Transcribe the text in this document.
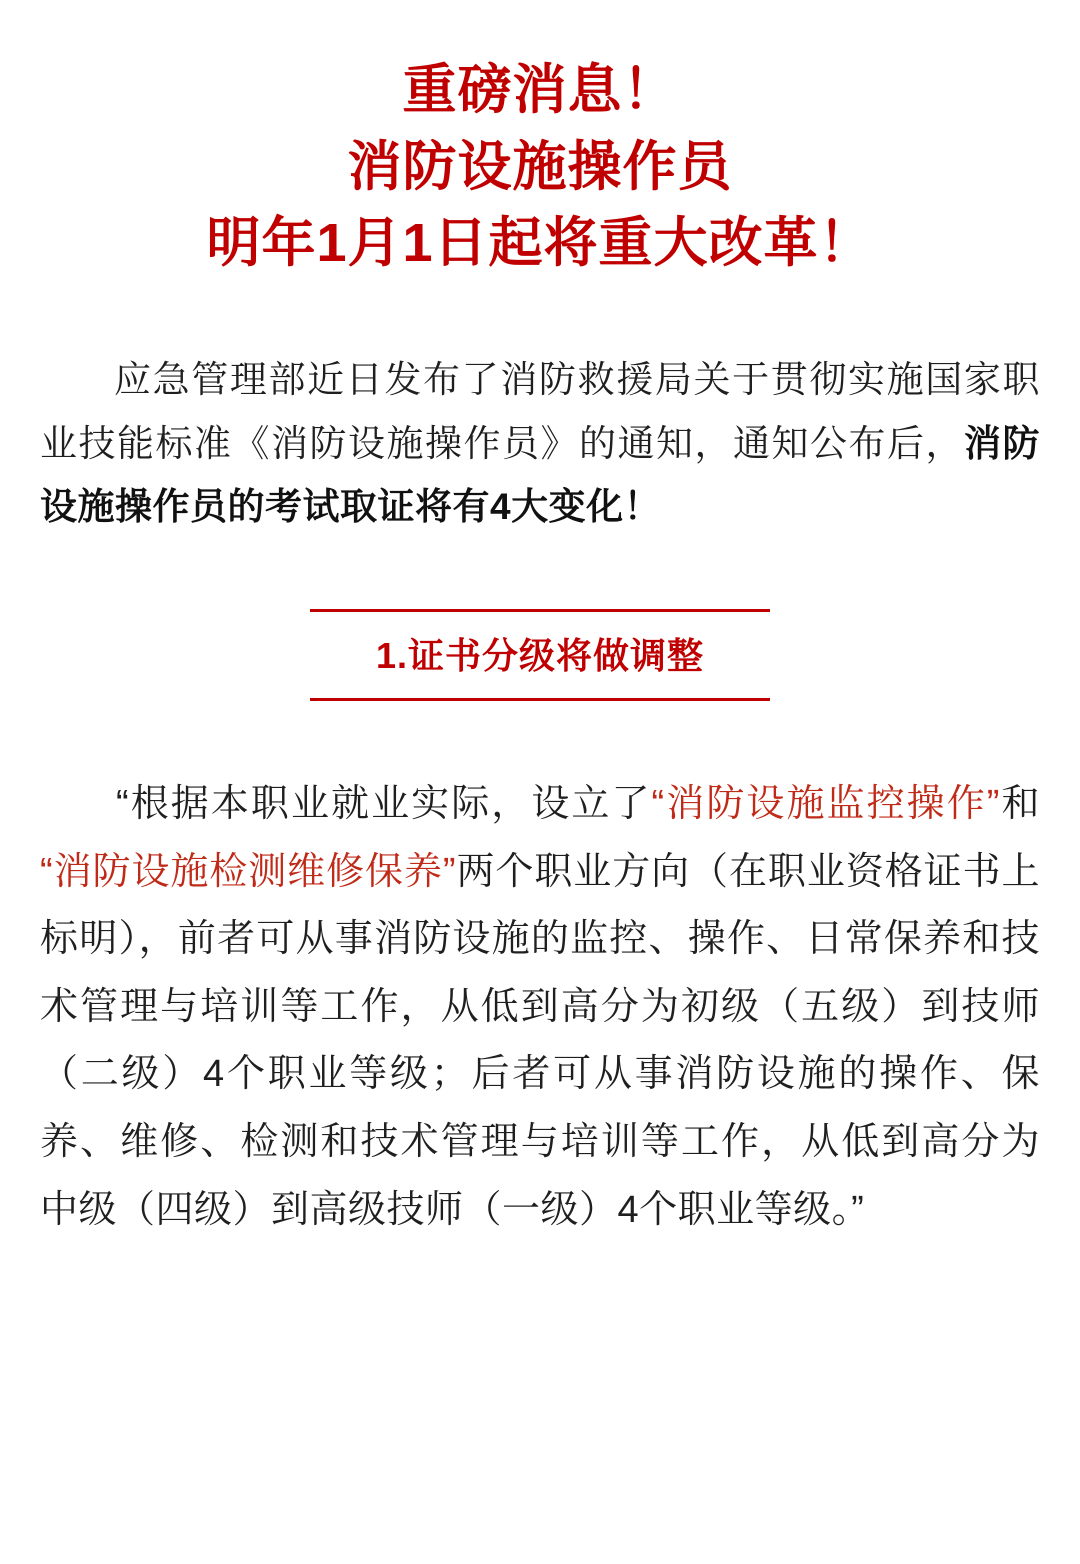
重磅消息！
消防设施操作员
明年1月1日起将重大改革！

应急管理部近日发布了消防救援局关于贯彻实施国家职业技能标准《消防设施操作员》的通知，通知公布后，消防设施操作员的考试取证将有4大变化！

1.证书分级将做调整

“根据本职业就业实际，设立了“消防设施监控操作”和“消防设施检测维修保养”两个职业方向（在职业资格证书上标明），前者可从事消防设施的监控、操作、日常保养和技术管理与培训等工作，从低到高分为初级（五级）到技师（二级）4个职业等级；后者可从事消防设施的操作、保养、维修、检测和技术管理与培训等工作，从低到高分为中级（四级）到高级技师（一级）4个职业等级。”
